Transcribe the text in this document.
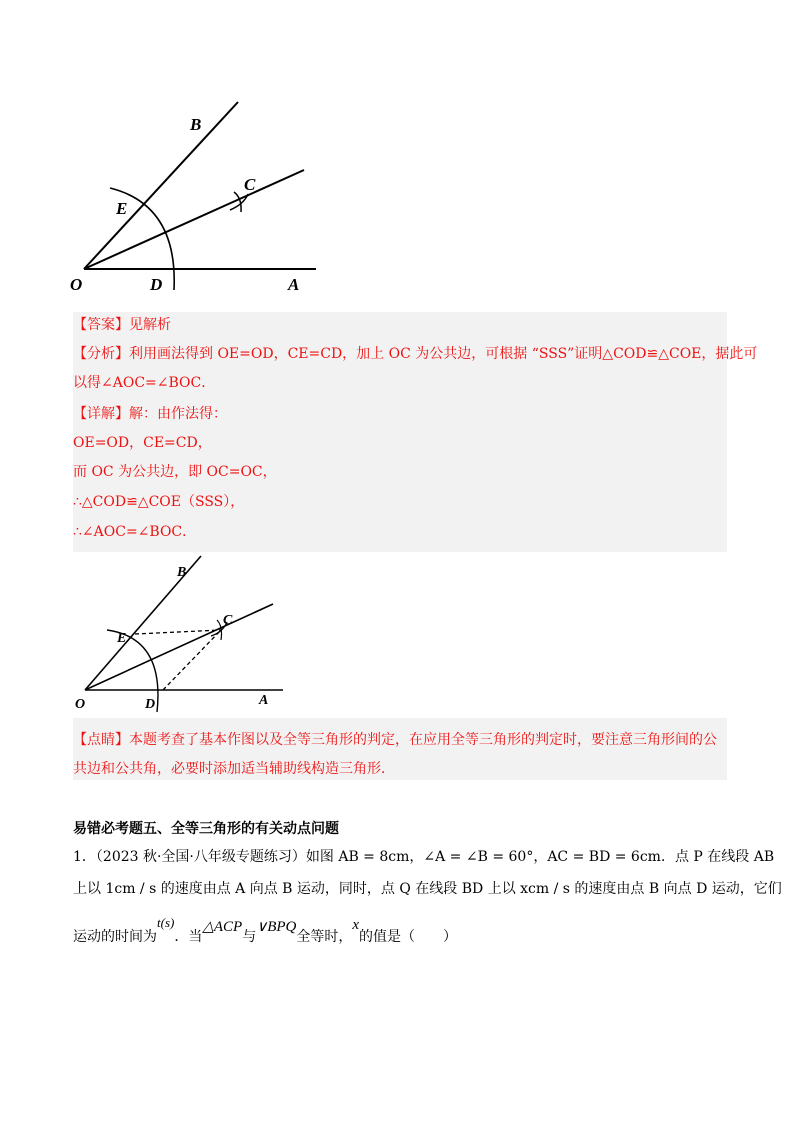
B
C
E
O	D	A
【答案】见解析
【分析】利用画法得到 OE=OD，CE=CD，加上 OC 为公共边，可根据 “SSS”证明△COD≌△COE，据此可
以得∠AOC=∠BOC．
【详解】解：由作法得：
OE=OD，CE=CD，
而 OC 为公共边，即 OC=OC，
∴△COD≌△COE（SSS），
∴∠AOC=∠BOC．
B
C
E
O	D	A
【点睛】本题考查了基本作图以及全等三角形的判定，在应用全等三角形的判定时，要注意三角形间的公
共边和公共角，必要时添加适当辅助线构造三角形．
易错必考题五、全等三角形的有关动点问题
1．（2023 秋·全国·八年级专题练习）如图 AB = 8cm，∠A = ∠B = 60°，AC = BD = 6cm．点 P 在线段 AB
上以 1cm / s 的速度由点 A 向点 B 运动，同时，点 Q 在线段 BD 上以 xcm / s 的速度由点 B 向点 D 运动，它们
运动的时间为t(s)．当△ACP与∨BPQ全等时，x的值是（　　）
